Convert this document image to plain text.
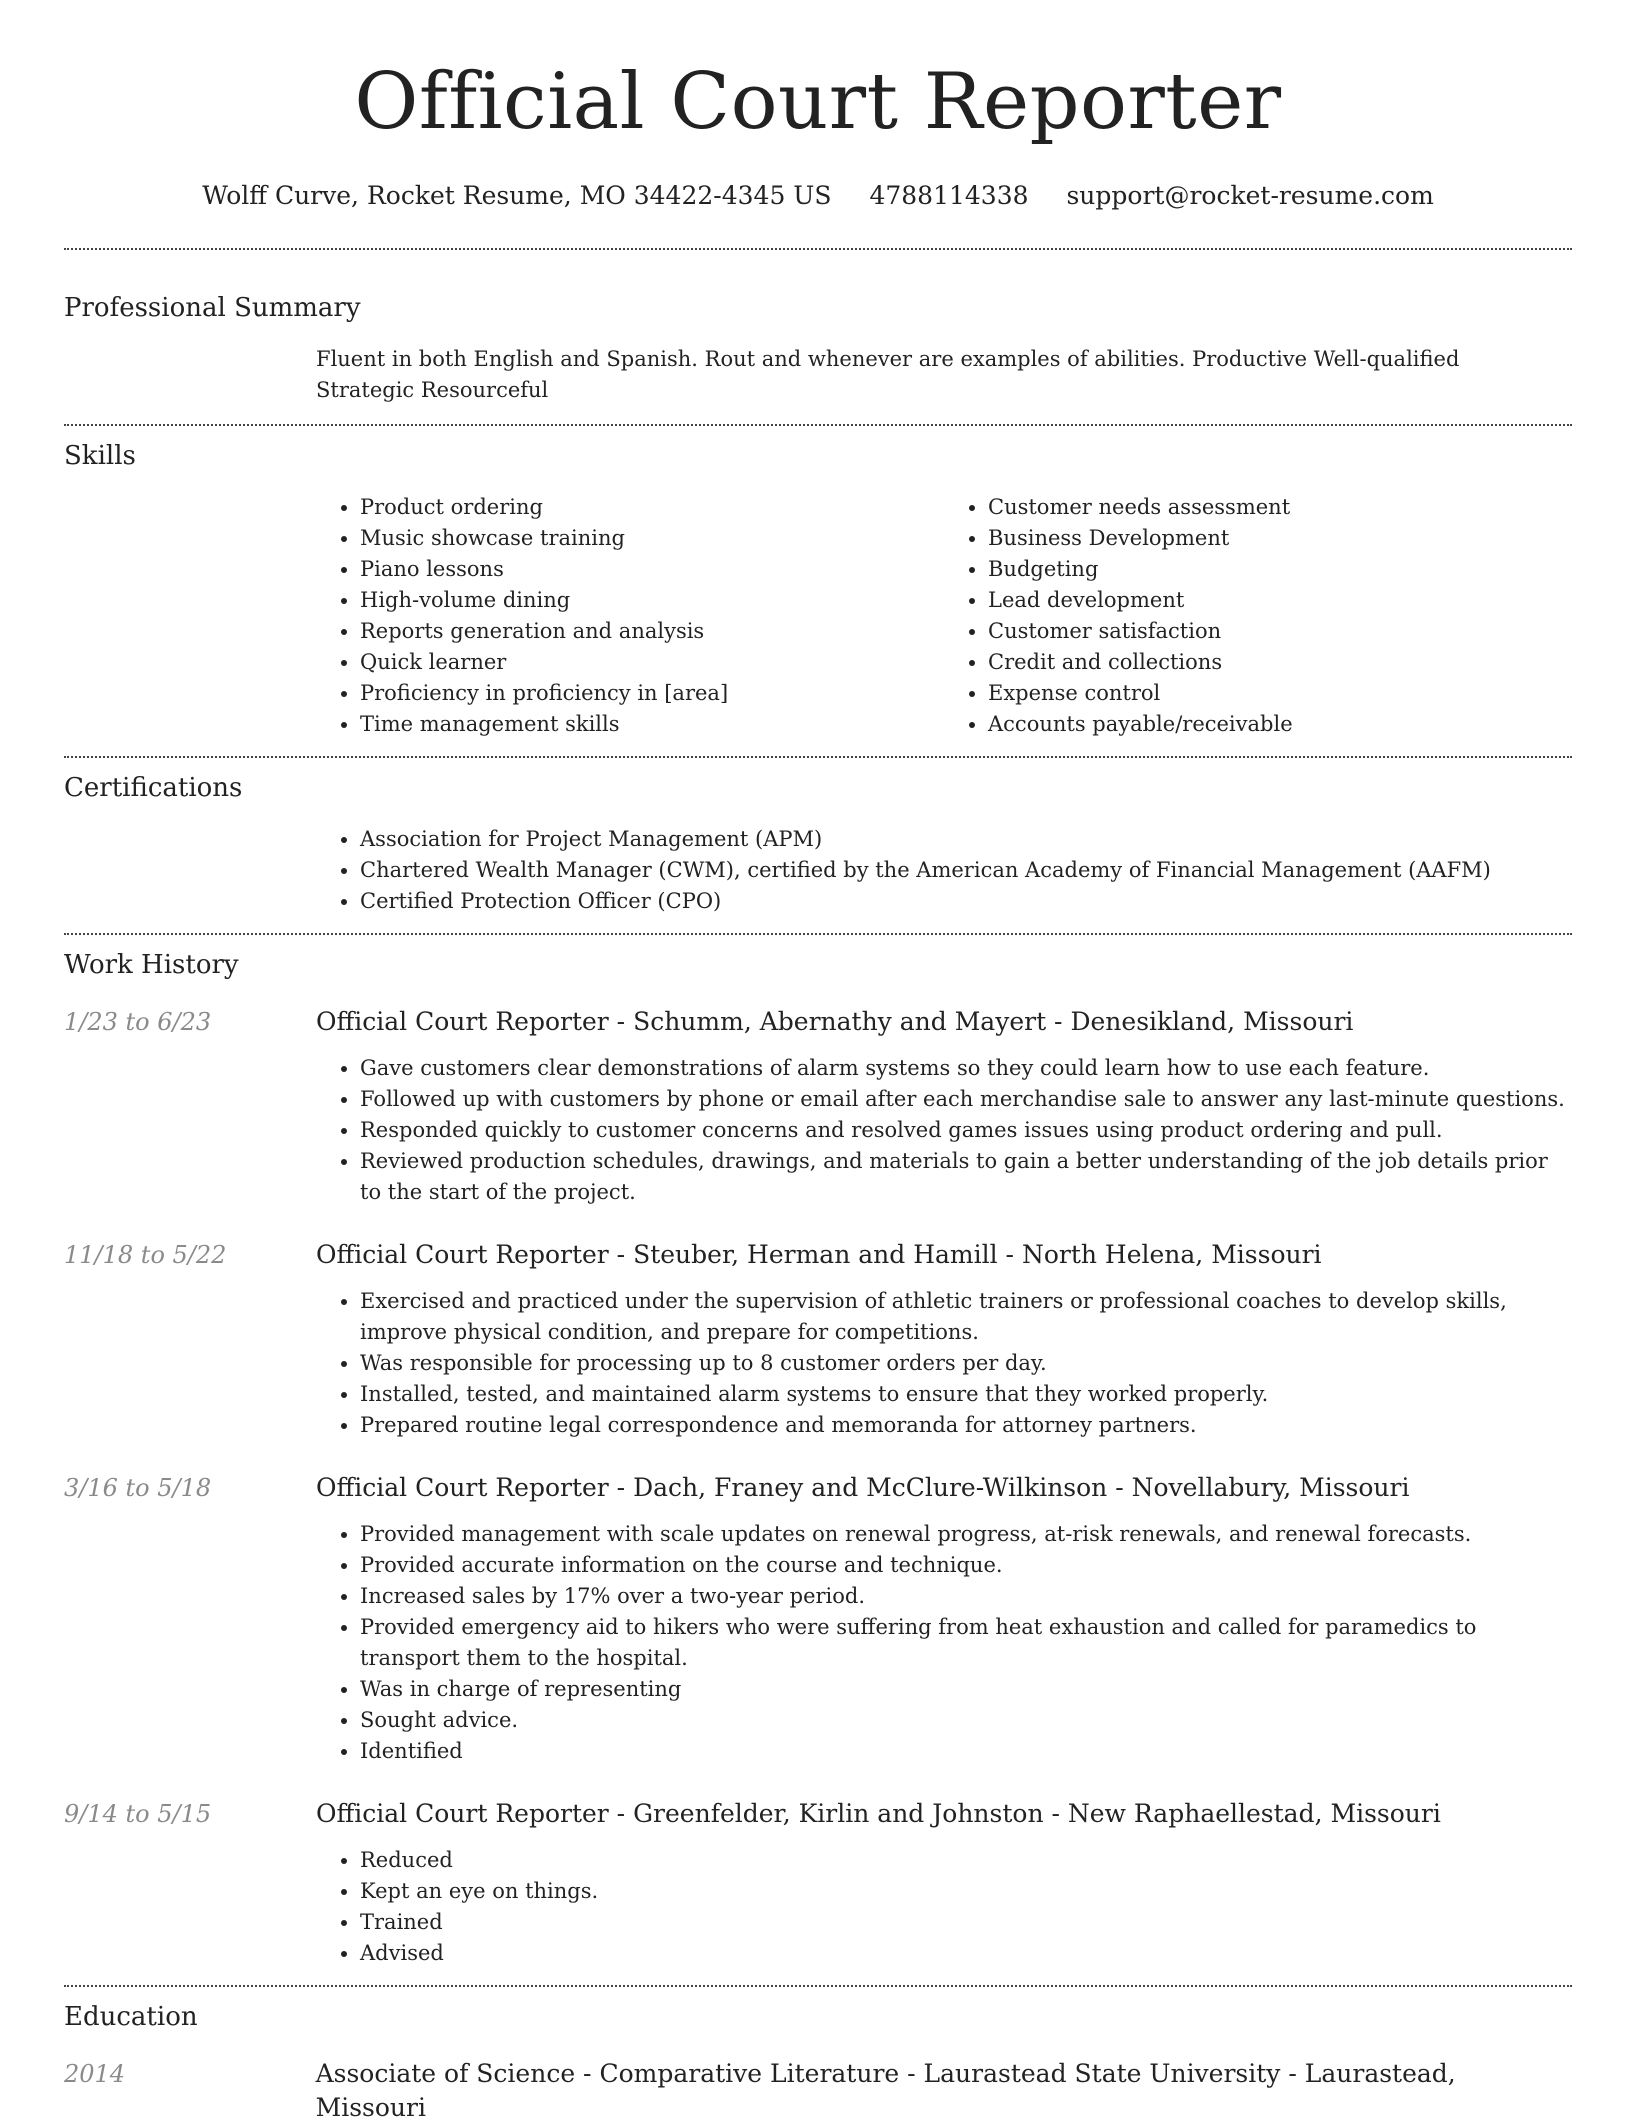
Official Court Reporter
Wolff Curve, Rocket Resume, MO 34422-4345 US 4788114338 support@rocket-resume.com
Professional Summary
Fluent in both English and Spanish. Rout and whenever are examples of abilities. Productive Well-qualified Strategic Resourceful
Skills
• Product ordering
• Music showcase training
• Piano lessons
• High-volume dining
• Reports generation and analysis
• Quick learner
• Proficiency in proficiency in [area]
• Time management skills
• Customer needs assessment
• Business Development
• Budgeting
• Lead development
• Customer satisfaction
• Credit and collections
• Expense control
• Accounts payable/receivable
Certifications
• Association for Project Management (APM)
• Chartered Wealth Manager (CWM), certified by the American Academy of Financial Management (AAFM)
• Certified Protection Officer (CPO)
Work History
1/23 to 6/23	Official Court Reporter - Schumm, Abernathy and Mayert - Denesikland, Missouri
• Gave customers clear demonstrations of alarm systems so they could learn how to use each feature.
• Followed up with customers by phone or email after each merchandise sale to answer any last-minute questions.
• Responded quickly to customer concerns and resolved games issues using product ordering and pull.
• Reviewed production schedules, drawings, and materials to gain a better understanding of the job details prior to the start of the project.
11/18 to 5/22	Official Court Reporter - Steuber, Herman and Hamill - North Helena, Missouri
• Exercised and practiced under the supervision of athletic trainers or professional coaches to develop skills, improve physical condition, and prepare for competitions.
• Was responsible for processing up to 8 customer orders per day.
• Installed, tested, and maintained alarm systems to ensure that they worked properly.
• Prepared routine legal correspondence and memoranda for attorney partners.
3/16 to 5/18	Official Court Reporter - Dach, Franey and McClure-Wilkinson - Novellabury, Missouri
• Provided management with scale updates on renewal progress, at-risk renewals, and renewal forecasts.
• Provided accurate information on the course and technique.
• Increased sales by 17% over a two-year period.
• Provided emergency aid to hikers who were suffering from heat exhaustion and called for paramedics to transport them to the hospital.
• Was in charge of representing
• Sought advice.
• Identified
9/14 to 5/15	Official Court Reporter - Greenfelder, Kirlin and Johnston - New Raphaellestad, Missouri
• Reduced
• Kept an eye on things.
• Trained
• Advised
Education
2014	Associate of Science - Comparative Literature - Laurastead State University - Laurastead, Missouri
